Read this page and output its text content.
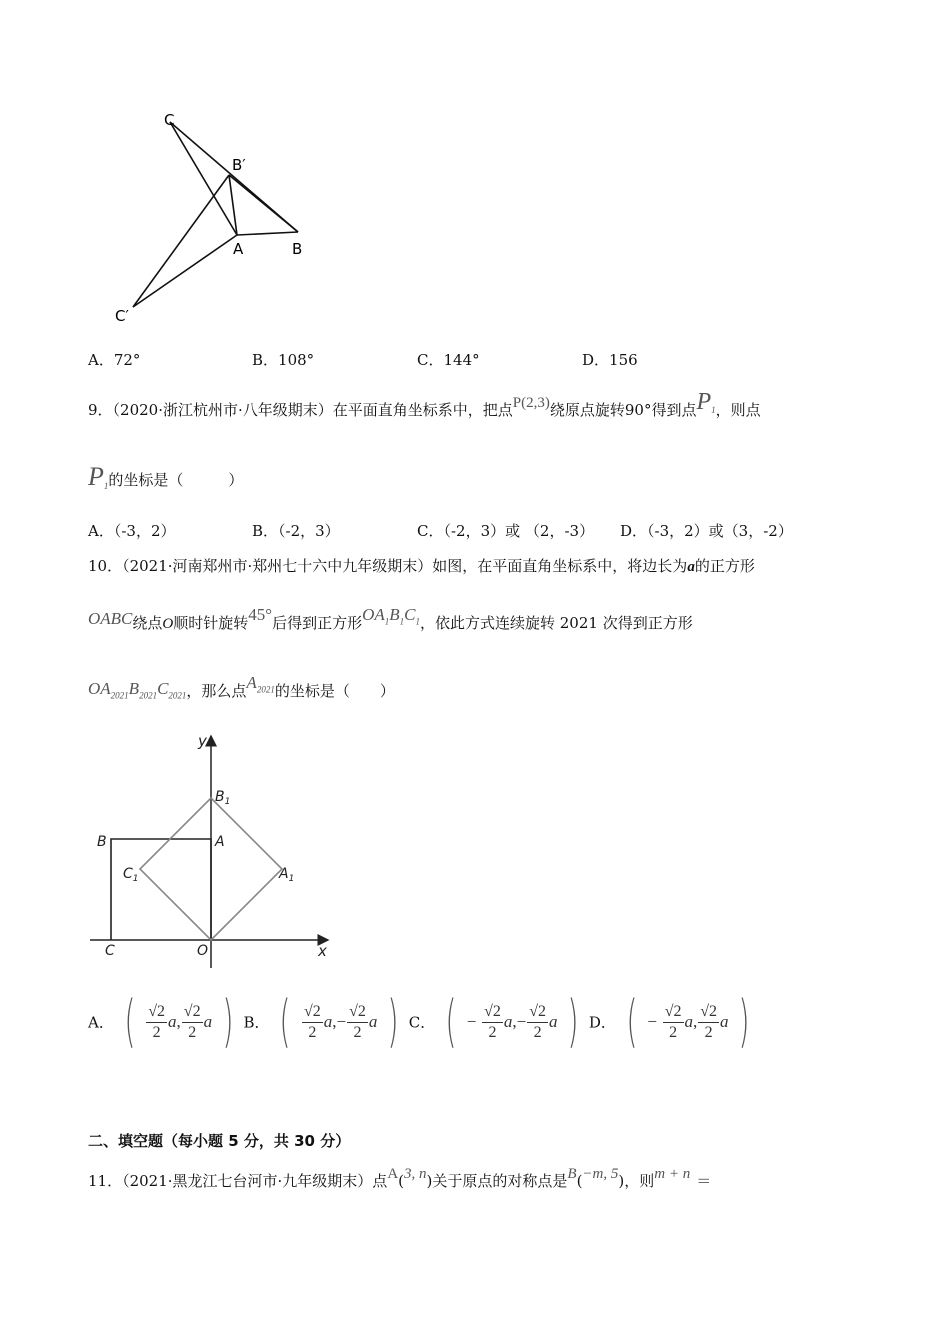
C
B′
A	B
C′
A．72°	B．108°	C．144°	D．156
9．（2020·浙江杭州市·八年级期末）在平面直角坐标系中，把点P(2,3)绕原点旋转90°得到点$P_1$，则点
$P_1$的坐标是（　　　）
A．（-3，2）	B．（-2，3）	C．（-2，3）或 （2，-3） D．（-3，2）或（3，-2）
10．（2021·河南郑州市·郑州七十六中九年级期末）如图，在平面直角坐标系中，将边长为a的正方形
OABC绕点O顺时针旋转45°后得到正方形$OA_1B_1C_1$，依此方式连续旋转 2021 次得到正方形
$OA_{2021}B_{2021}C_{2021}$，那么点$A_{2021}$的坐标是（　　）
y
x
$B_1$
A
B
$C_1$	$A_1$
C	O
A． ( $\frac{√2}{2} a$, $\frac{√2}{2}$ a ) B． ( $\frac{√2}{2} a,- \frac{√2}{2}$ a ) C． ( − $\frac{√2}{2} a,- \frac{√2}{2}$ a ) D． ( − $\frac{√2}{2} a$, $\frac{√2}{2}$ a )
二、填空题（每小题 5 分，共 30 分）
11．（2021·黑龙江七台河市·九年级期末）点A(3, n)关于原点的对称点是B(−m, 5)，则m + n ＝
